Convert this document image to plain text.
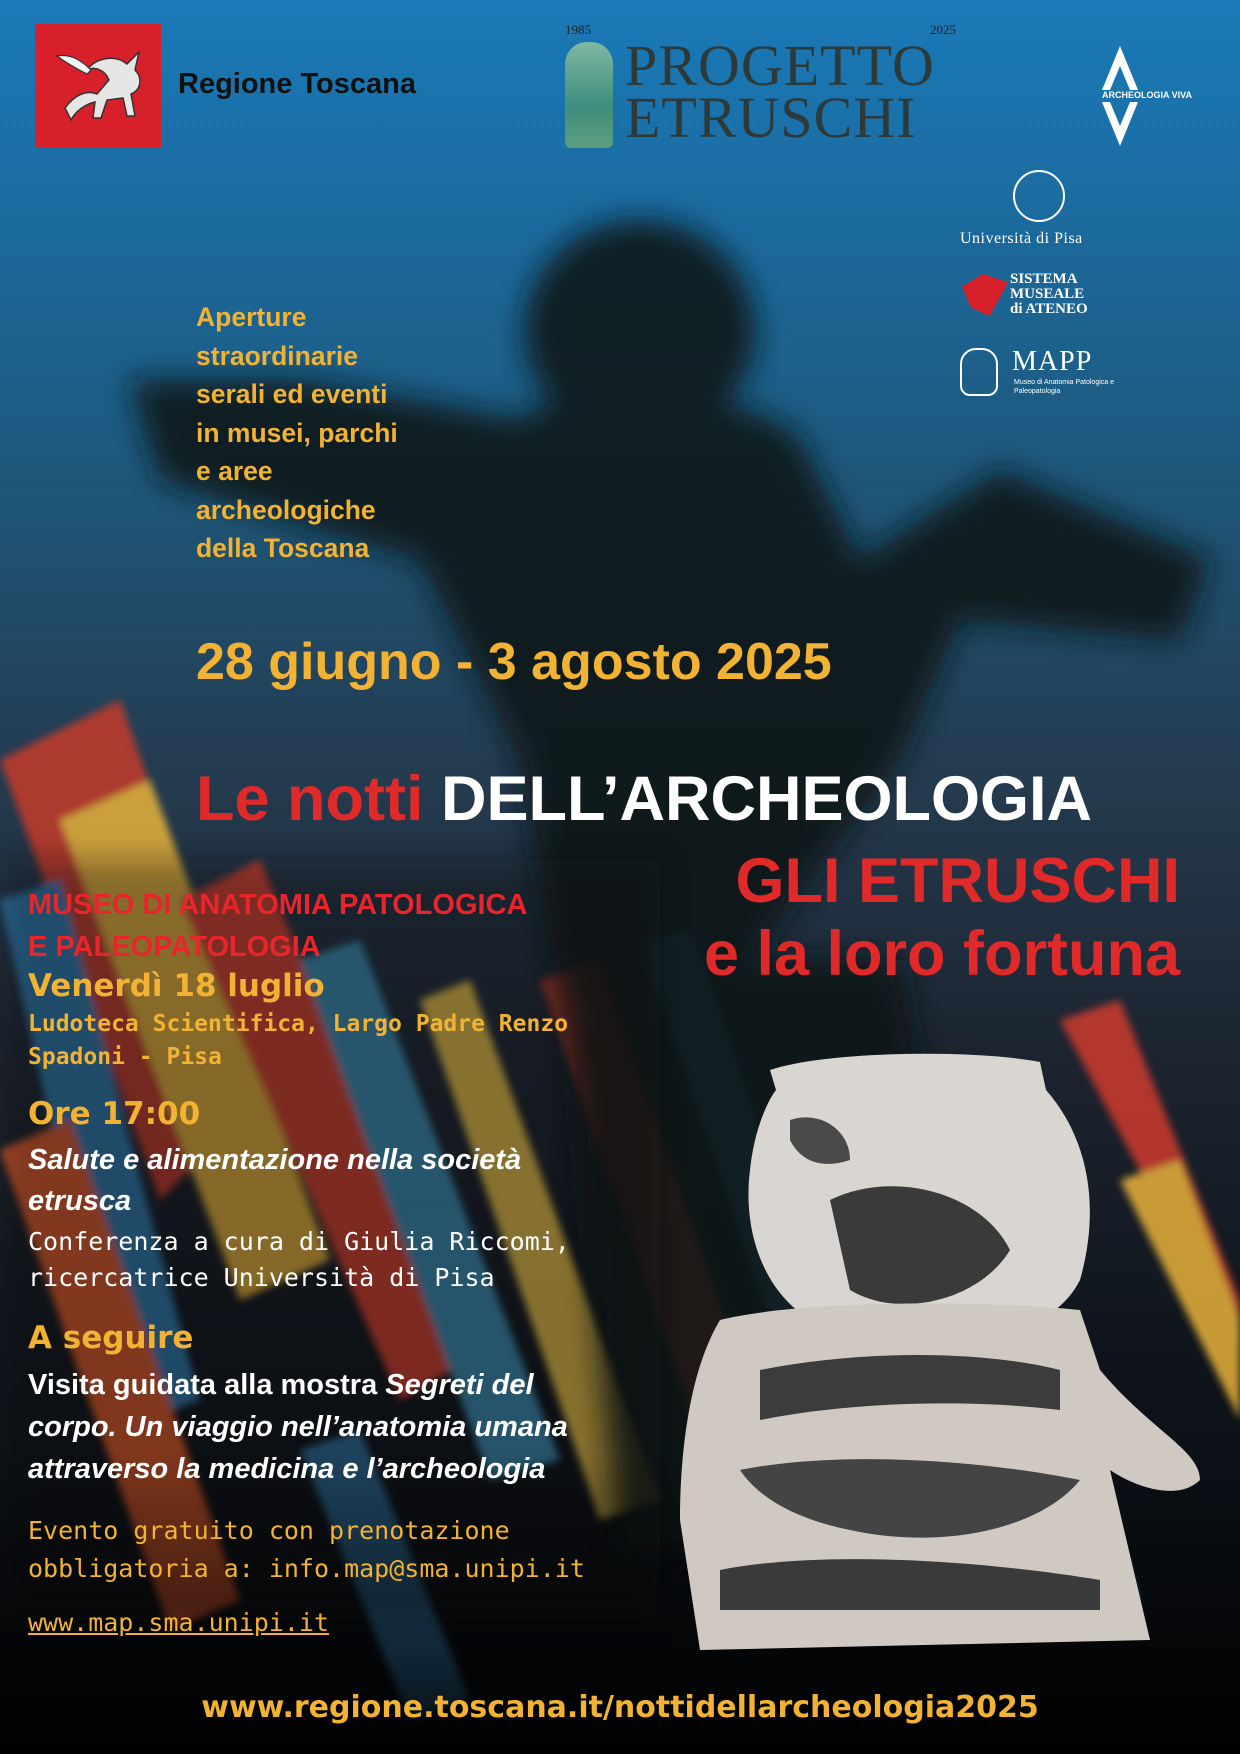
Regione Toscana
1985	2025
PROGETTO
ETRUSCHI	ARCHEOLOGIA VIVA
Università di Pisa
SISTEMA
MUSEALE
di ATENEO
MAPP
Museo di Anatomia Patologica e Paleopatologia
Aperture
straordinarie
serali ed eventi
in musei, parchi
e aree
archeologiche
della Toscana
28 giugno - 3 agosto 2025
Le notti DELL’ARCHEOLOGIA
GLI ETRUSCHI
e la loro fortuna
MUSEO DI ANATOMIA PATOLOGICA
E PALEOPATOLOGIA
Venerdì 18 luglio
Ludoteca Scientifica, Largo Padre Renzo
Spadoni - Pisa
Ore 17:00
Salute e alimentazione nella società
etrusca
Conferenza a cura di Giulia Riccomi,
ricercatrice Università di Pisa
A seguire
Visita guidata alla mostra Segreti del
corpo. Un viaggio nell’anatomia umana
attraverso la medicina e l’archeologia
Evento gratuito con prenotazione
obbligatoria a: info.map@sma.unipi.it
www.map.sma.unipi.it
www.regione.toscana.it/nottidellarcheologia2025
